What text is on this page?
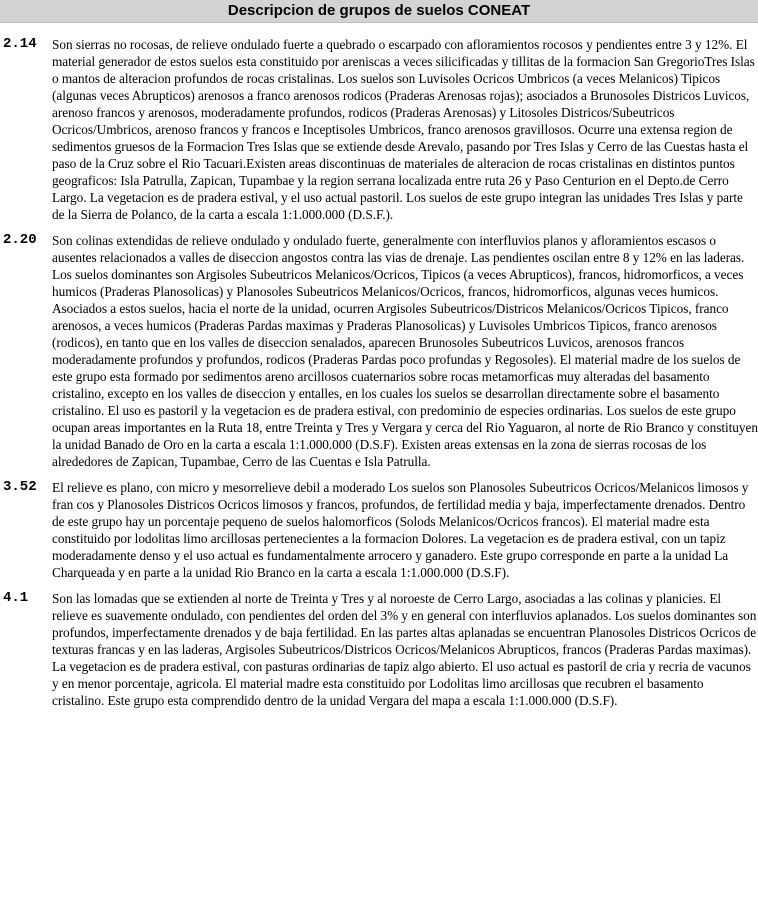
Descripcion de grupos de suelos CONEAT
2.14	Son sierras no rocosas, de relieve ondulado fuerte a quebrado o escarpado con afloramientos rocosos y pendientes entre 3 y 12%. El material generador de estos suelos esta constituido por areniscas a veces silicificadas y tillitas de la formacion San GregorioTres Islas o mantos de alteracion profundos de rocas cristalinas. Los suelos son Luvisoles Ocricos Umbricos (a veces Melanicos) Tipicos (algunas veces Abrupticos) arenosos a franco arenosos rodicos (Praderas Arenosas rojas); asociados a Brunosoles Districos Luvicos, arenoso francos y arenosos, moderadamente profundos, rodicos (Praderas Arenosas) y Litosoles Districos/Subeutricos Ocricos/Umbricos, arenoso francos y francos e Inceptisoles Umbricos, franco arenosos gravillosos. Ocurre una extensa region de sedimentos gruesos de la Formacion Tres Islas que se extiende desde Arevalo, pasando por Tres Islas y Cerro de las Cuestas hasta el paso de la Cruz sobre el Rio Tacuari.Existen areas discontinuas de materiales de alteracion de rocas cristalinas en distintos puntos geograficos: Isla Patrulla, Zapican, Tupambae y la region serrana localizada entre ruta 26 y Paso Centurion en el Depto.de Cerro Largo. La vegetacion es de pradera estival, y el uso actual pastoril. Los suelos de este grupo integran las unidades Tres Islas y parte de la Sierra de Polanco, de la carta a escala 1:1.000.000 (D.S.F.).

2.20	Son colinas extendidas de relieve ondulado y ondulado fuerte, generalmente con interfluvios planos y afloramientos escasos o ausentes relacionados a valles de diseccion angostos contra las vias de drenaje. Las pendientes oscilan entre 8 y 12% en las laderas. Los suelos dominantes son Argisoles Subeutricos Melanicos/Ocricos, Tipicos (a veces Abrupticos), francos, hidromorficos, a veces humicos (Praderas Planosolicas) y Planosoles Subeutricos Melanicos/Ocricos, francos, hidromorficos, algunas veces humicos. Asociados a estos suelos, hacia el norte de la unidad, ocurren Argisoles Subeutricos/Districos Melanicos/Ocricos Tipicos, franco arenosos, a veces humicos (Praderas Pardas maximas y Praderas Planosolicas) y Luvisoles Umbricos Tipicos, franco arenosos (rodicos), en tanto que en los valles de diseccion senalados, aparecen Brunosoles Subeutricos Luvicos, arenosos francos moderadamente profundos y profundos, rodicos (Praderas Pardas poco profundas y Regosoles). El material madre de los suelos de este grupo esta formado por sedimentos areno arcillosos cuaternarios sobre rocas metamorficas muy alteradas del basamento cristalino, excepto en los valles de diseccion y entalles, en los cuales los suelos se desarrollan directamente sobre el basamento cristalino. El uso es pastoril y la vegetacion es de pradera estival, con predominio de especies ordinarias. Los suelos de este grupo ocupan areas importantes en la Ruta 18, entre Treinta y Tres y Vergara y cerca del Rio Yaguaron, al norte de Rio Branco y constituyen la unidad Banado de Oro en la carta a escala 1:1.000.000 (D.S.F). Existen areas extensas en la zona de sierras rocosas de los alrededores de Zapican, Tupambae, Cerro de las Cuentas e Isla Patrulla.

3.52	El relieve es plano, con micro y mesorrelieve debil a moderado Los suelos son Planosoles Subeutricos Ocricos/Melanicos limosos y fran cos y Planosoles Districos Ocricos limosos y francos, profundos, de fertilidad media y baja, imperfectamente drenados. Dentro de este grupo hay un porcentaje pequeno de suelos halomorficos (Solods Melanicos/Ocricos francos). El material madre esta constituido por lodolitas limo arcillosas pertenecientes a la formacion Dolores. La vegetacion es de pradera estival, con un tapiz moderadamente denso y el uso actual es fundamentalmente arrocero y ganadero. Este grupo corresponde en parte a la unidad La Charqueada y en parte a la unidad Rio Branco en la carta a escala 1:1.000.000 (D.S.F).

4.1	Son las lomadas que se extienden al norte de Treinta y Tres y al noroeste de Cerro Largo, asociadas a las colinas y planicies. El relieve es suavemente ondulado, con pendientes del orden del 3% y en general con interfluvios aplanados. Los suelos dominantes son profundos, imperfectamente drenados y de baja fertilidad. En las partes altas aplanadas se encuentran Planosoles Districos Ocricos de texturas francas y en las laderas, Argisoles Subeutricos/Districos Ocricos/Melanicos Abrupticos, francos (Praderas Pardas maximas). La vegetacion es de pradera estival, con pasturas ordinarias de tapiz algo abierto. El uso actual es pastoril de cria y recria de vacunos y en menor porcentaje, agricola. El material madre esta constituido por Lodolitas limo arcillosas que recubren el basamento cristalino. Este grupo esta comprendido dentro de la unidad Vergara del mapa a escala 1:1.000.000 (D.S.F).
